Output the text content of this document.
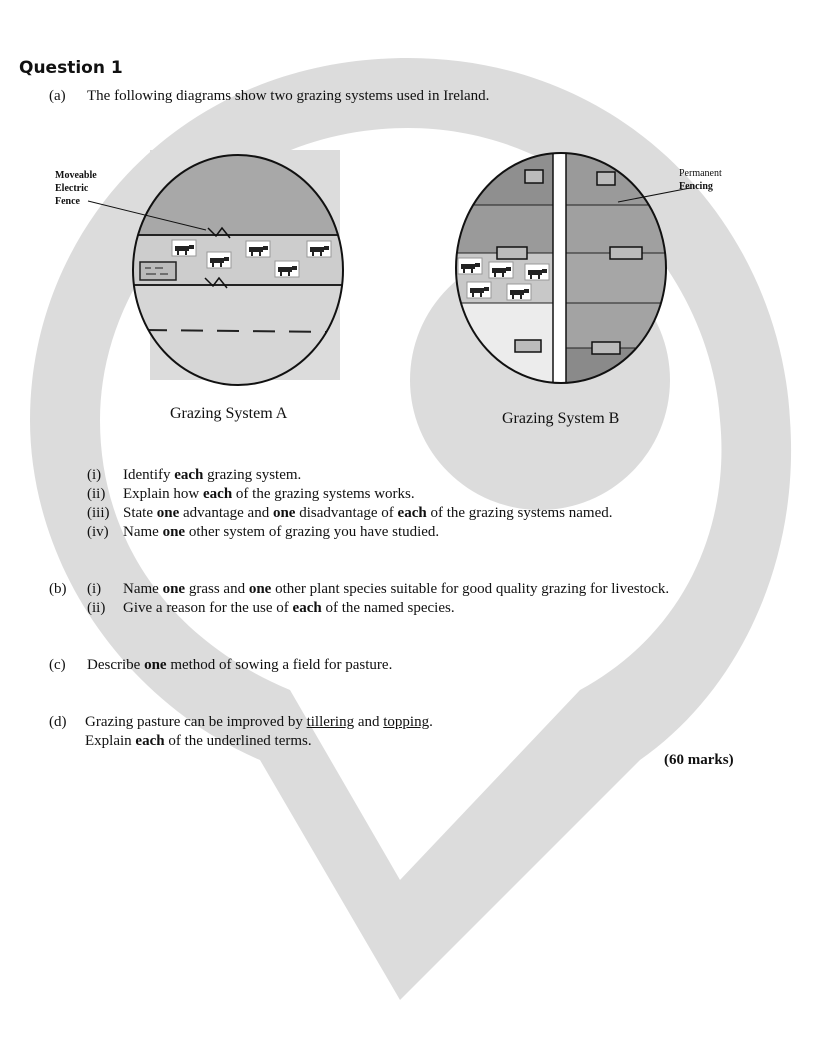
Question 1
(a) The following diagrams show two grazing systems used in Ireland.
Moveable
Electric
Fence
Grazing System A
Permanent
Fencing
Grazing System B
(i) Identify each grazing system.
(ii) Explain how each of the grazing systems works.
(iii) State one advantage and one disadvantage of each of the grazing systems named.
(iv) Name one other system of grazing you have studied.
(b) (i) Name one grass and one other plant species suitable for good quality grazing for livestock.
(ii) Give a reason for the use of each of the named species.
(c) Describe one method of sowing a field for pasture.
(d) Grazing pasture can be improved by tillering and topping.
Explain each of the underlined terms.
(60 marks)
